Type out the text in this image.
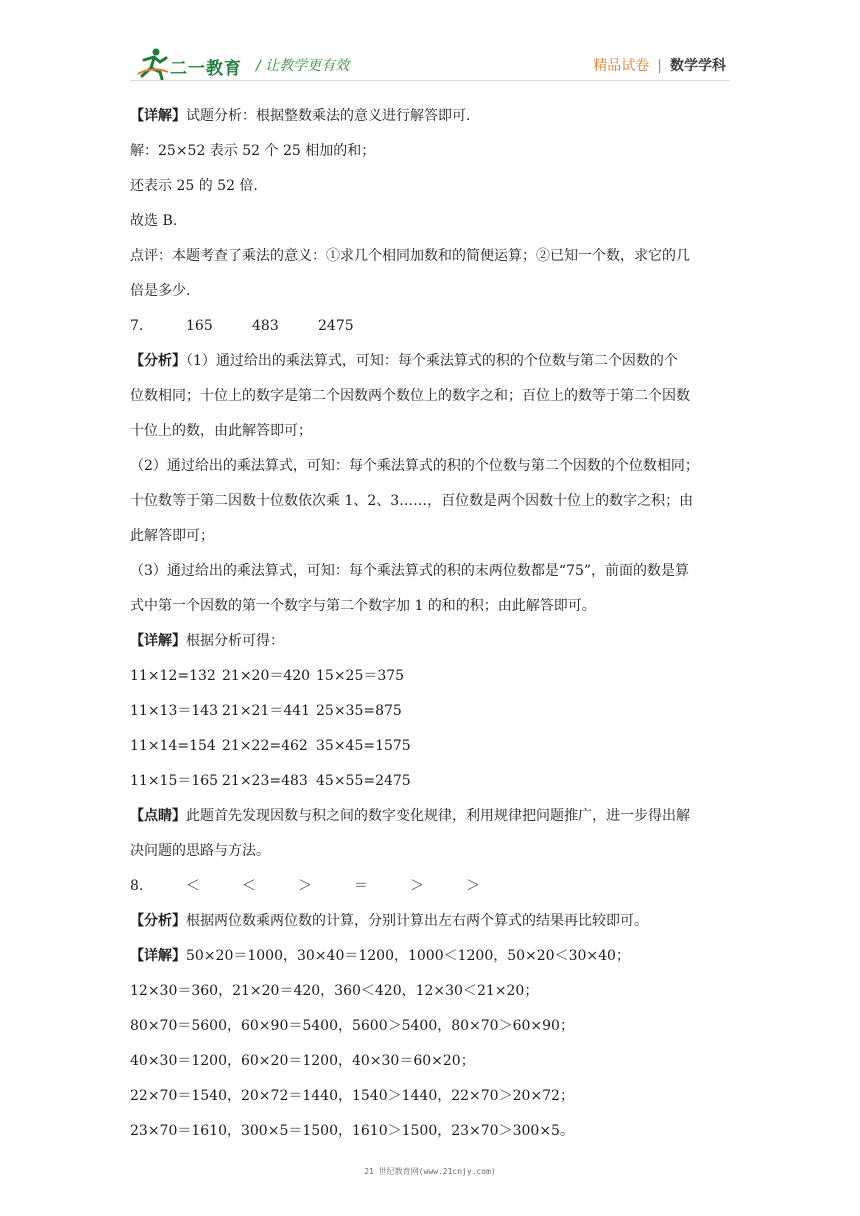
二一教育 / 让教学更有效	精品试卷 | 数学学科
【详解】试题分析：根据整数乘法的意义进行解答即可.
解：25×52 表示 52 个 25 相加的和；
还表示 25 的 52 倍.
故选 B.
点评：本题考查了乘法的意义：①求几个相同加数和的简便运算；②已知一个数，求它的几
倍是多少.
7.	165	483	2475
【分析】（1）通过给出的乘法算式，可知：每个乘法算式的积的个位数与第二个因数的个
位数相同；十位上的数字是第二个因数两个数位上的数字之和；百位上的数等于第二个因数
十位上的数，由此解答即可；
（2）通过给出的乘法算式，可知：每个乘法算式的积的个位数与第二个因数的个位数相同；
十位数等于第二因数十位数依次乘 1、2、3……，百位数是两个因数十位上的数字之积；由
此解答即可；
（3）通过给出的乘法算式，可知：每个乘法算式的积的末两位数都是“75”，前面的数是算
式中第一个因数的第一个数字与第二个数字加 1 的和的积；由此解答即可。
【详解】根据分析可得：
11×12=132 21×20＝420 15×25＝375
11×13＝143 21×21＝441 25×35=875
11×14=154 21×22=462 35×45=1575
11×15＝165 21×23=483 45×55=2475
【点睛】此题首先发现因数与积之间的数字变化规律，利用规律把问题推广，进一步得出解
决问题的思路与方法。
8.	＜	＜	＞	＝	＞	＞
【分析】根据两位数乘两位数的计算，分别计算出左右两个算式的结果再比较即可。
【详解】50×20＝1000，30×40＝1200，1000＜1200，50×20＜30×40；
12×30＝360，21×20＝420，360＜420，12×30＜21×20；
80×70＝5600，60×90＝5400，5600＞5400，80×70＞60×90；
40×30＝1200，60×20＝1200，40×30＝60×20；
22×70＝1540，20×72＝1440，1540＞1440，22×70＞20×72；
23×70＝1610，300×5＝1500，1610＞1500，23×70＞300×5。
21 世纪教育网(www.21cnjy.com)
